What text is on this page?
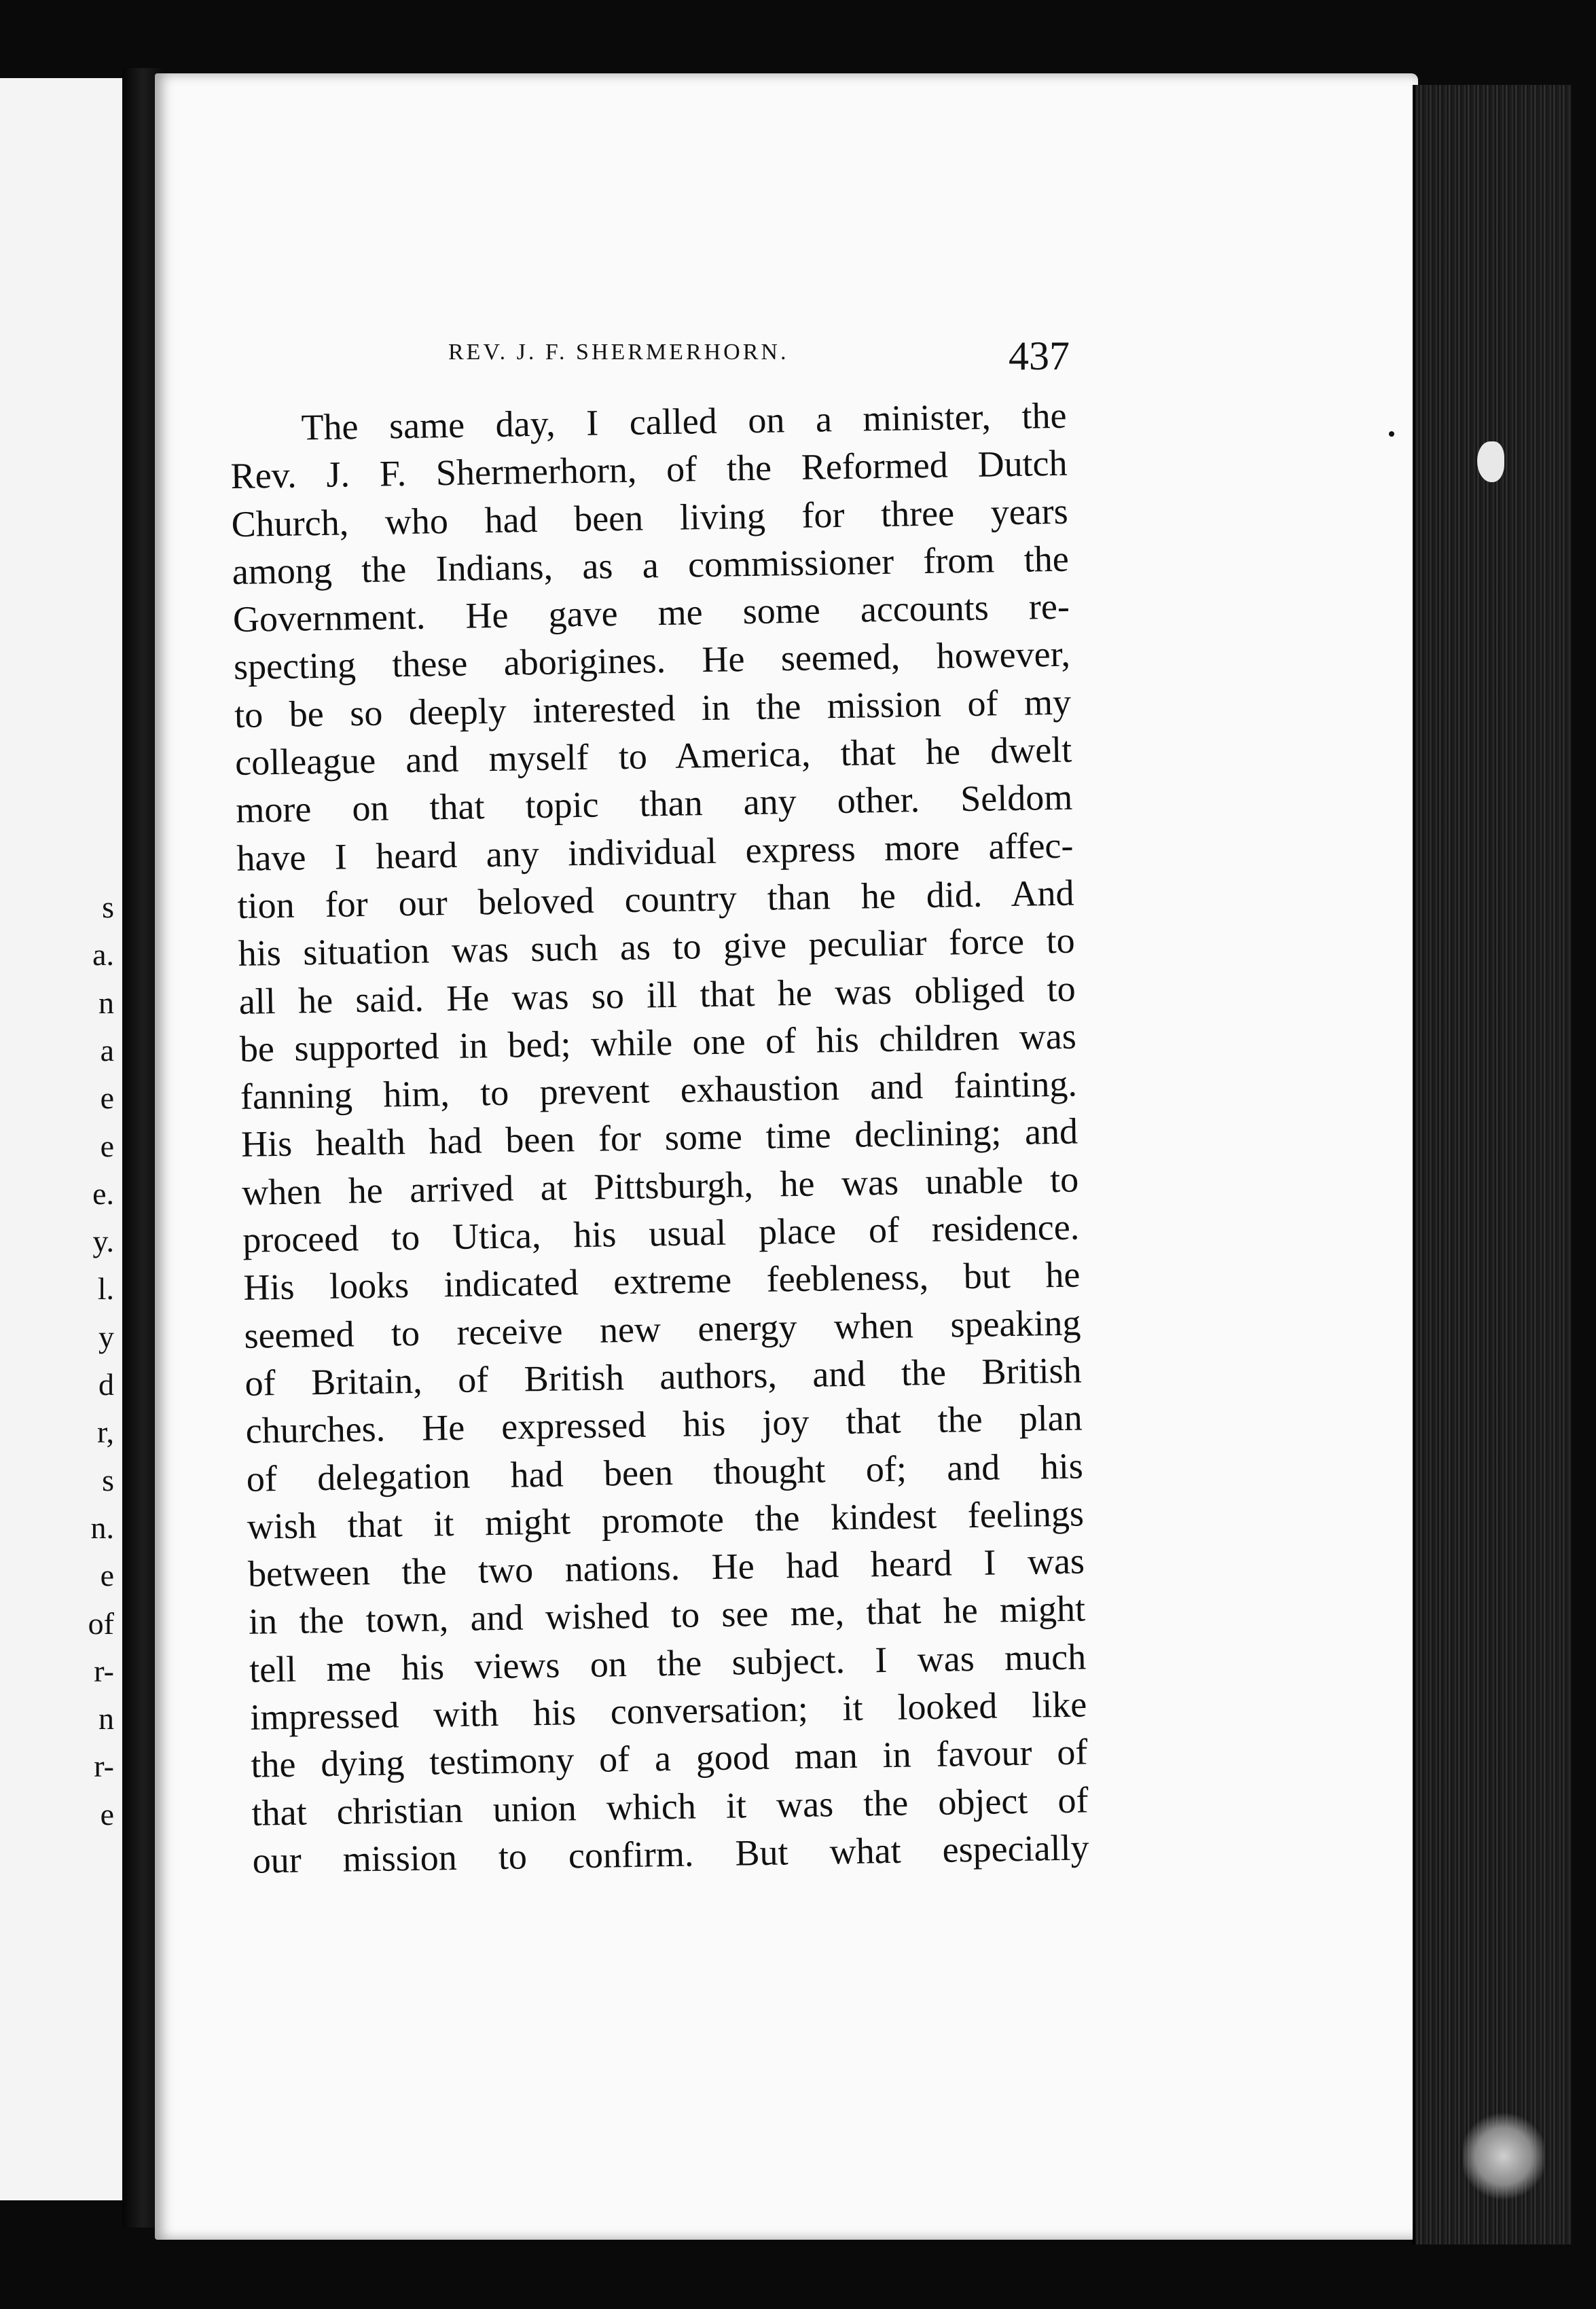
s
a.
n
a
e
e
e.
y.
l.
y
d
r,
s
n.
e
of
r-
n
r-
e
REV. J. F. SHERMERHORN.	437

The same day, I called on a minister, the
Rev. J. F. Shermerhorn, of the Reformed Dutch
Church, who had been living for three years
among the Indians, as a commissioner from the
Government. He gave me some accounts re-
specting these aborigines. He seemed, however,
to be so deeply interested in the mission of my
colleague and myself to America, that he dwelt
more on that topic than any other. Seldom
have I heard any individual express more affec-
tion for our beloved country than he did. And
his situation was such as to give peculiar force to
all he said. He was so ill that he was obliged to
be supported in bed; while one of his children was
fanning him, to prevent exhaustion and fainting.
His health had been for some time declining; and
when he arrived at Pittsburgh, he was unable to
proceed to Utica, his usual place of residence.
His looks indicated extreme feebleness, but he
seemed to receive new energy when speaking
of Britain, of British authors, and the British
churches. He expressed his joy that the plan
of delegation had been thought of; and his
wish that it might promote the kindest feelings
between the two nations. He had heard I was
in the town, and wished to see me, that he might
tell me his views on the subject. I was much
impressed with his conversation; it looked like
the dying testimony of a good man in favour of
that christian union which it was the object of
our mission to confirm. But what especially
